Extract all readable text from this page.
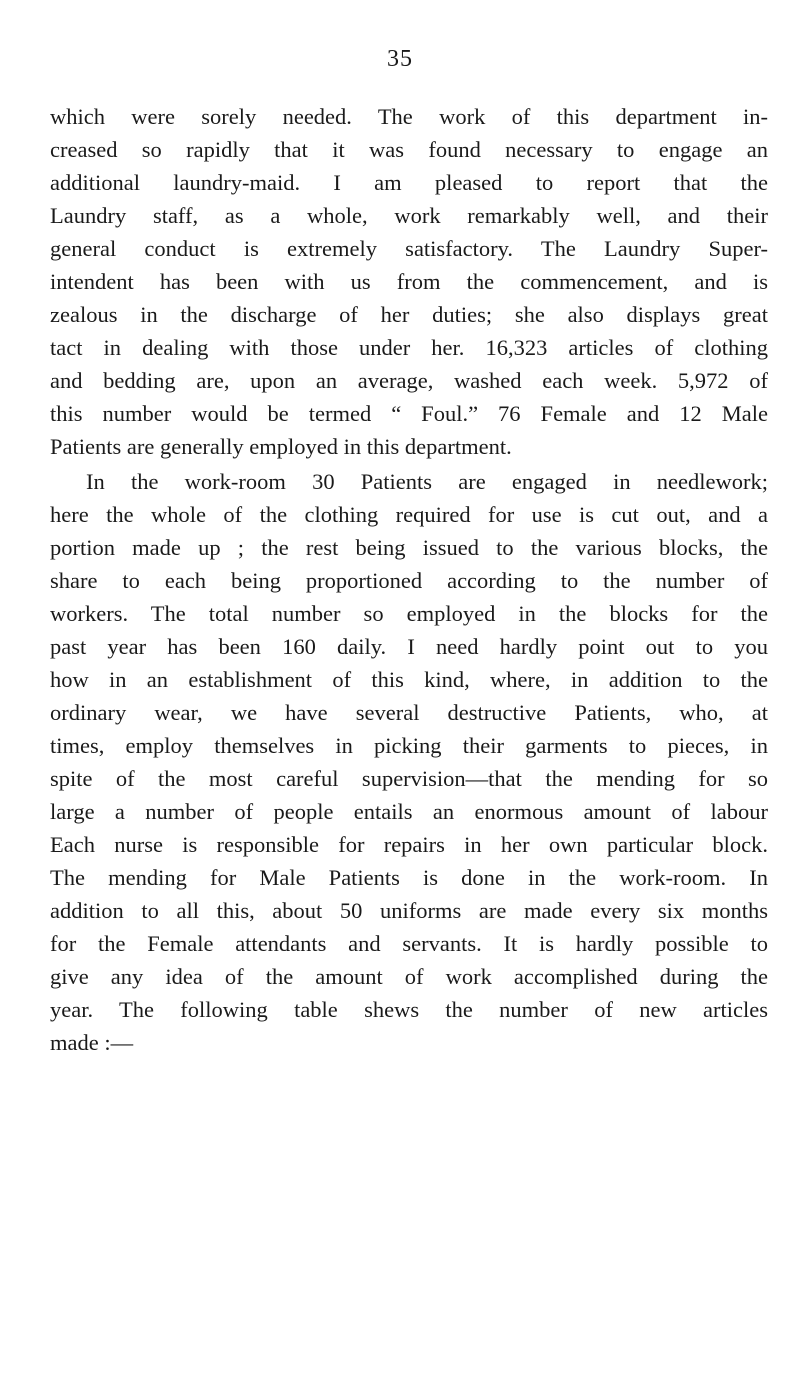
35
which were sorely needed. The work of this department in-
creased so rapidly that it was found necessary to engage an
additional laundry-maid. I am pleased to report that the
Laundry staff, as a whole, work remarkably well, and their
general conduct is extremely satisfactory. The Laundry Super-
intendent has been with us from the commencement, and is
zealous in the discharge of her duties; she also displays great
tact in dealing with those under her. 16,323 articles of clothing
and bedding are, upon an average, washed each week. 5,972 of
this number would be termed “ Foul.” 76 Female and 12 Male
Patients are generally employed in this department.
In the work-room 30 Patients are engaged in needlework;
here the whole of the clothing required for use is cut out, and a
portion made up ; the rest being issued to the various blocks, the
share to each being proportioned according to the number of
workers. The total number so employed in the blocks for the
past year has been 160 daily. I need hardly point out to you
how in an establishment of this kind, where, in addition to the
ordinary wear, we have several destructive Patients, who, at
times, employ themselves in picking their garments to pieces, in
spite of the most careful supervision—that the mending for so
large a number of people entails an enormous amount of labour
Each nurse is responsible for repairs in her own particular block.
The mending for Male Patients is done in the work-room. In
addition to all this, about 50 uniforms are made every six months
for the Female attendants and servants. It is hardly possible to
give any idea of the amount of work accomplished during the
year. The following table shews the number of new articles
made :—
